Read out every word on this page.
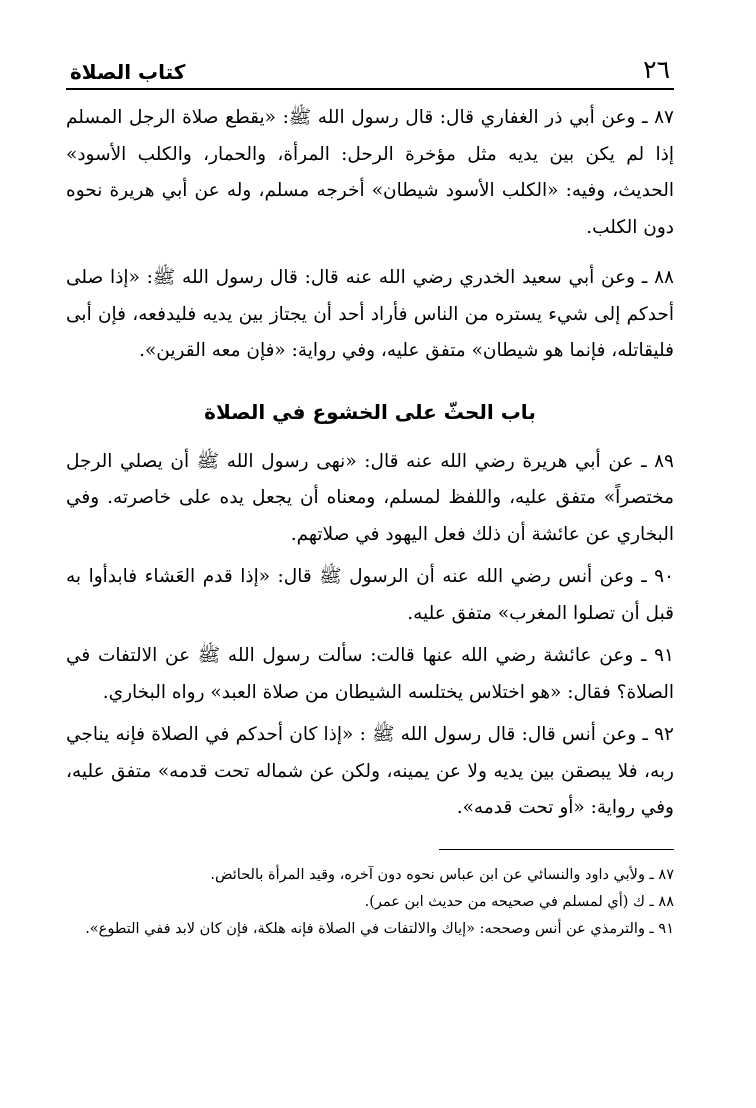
٢٦
كتاب الصلاة

٨٧ ـ وعن أبي ذر الغفاري قال: قال رسول الله ﷺ: «يقطع صلاة الرجل المسلم إذا لم يكن بين يديه مثل مؤخرة الرحل: المرأة، والحمار، والكلب الأسود» الحديث، وفيه: «الكلب الأسود شيطان» أخرجه مسلم، وله عن أبي هريرة نحوه دون الكلب.

٨٨ ـ وعن أبي سعيد الخدري رضي الله عنه قال: قال رسول الله ﷺ: «إذا صلى أحدكم إلى شيء يستره من الناس فأراد أحد أن يجتاز بين يديه فليدفعه، فإن أبى فليقاتله، فإنما هو شيطان» متفق عليه، وفي رواية: «فإن معه القرين».

باب الحثّ على الخشوع في الصلاة

٨٩ ـ عن أبي هريرة رضي الله عنه قال: «نهى رسول الله ﷺ أن يصلي الرجل مختصراً» متفق عليه، واللفظ لمسلم، ومعناه أن يجعل يده على خاصرته. وفي البخاري عن عائشة أن ذلك فعل اليهود في صلاتهم.

٩٠ ـ وعن أنس رضي الله عنه أن الرسول ﷺ قال: «إذا قدم العَشاء فابدأوا به قبل أن تصلوا المغرب» متفق عليه.

٩١ ـ وعن عائشة رضي الله عنها قالت: سألت رسول الله ﷺ عن الالتفات في الصلاة؟ فقال: «هو اختلاس يختلسه الشيطان من صلاة العبد» رواه البخاري.

٩٢ ـ وعن أنس قال: قال رسول الله ﷺ : «إذا كان أحدكم في الصلاة فإنه يناجي ربه، فلا يبصقن بين يديه ولا عن يمينه، ولكن عن شماله تحت قدمه» متفق عليه، وفي رواية: «أو تحت قدمه».

٨٧ ـ ولأبي داود والنسائي عن ابن عباس نحوه دون آخره، وقيد المرأة بالحائض.

٨٨ ـ ك (أي لمسلم في صحيحه من حديث ابن عمر).

٩١ ـ والترمذي عن أنس وصححه: «إياك والالتفات في الصلاة فإنه هلكة، فإن كان لابد ففي التطوع».
